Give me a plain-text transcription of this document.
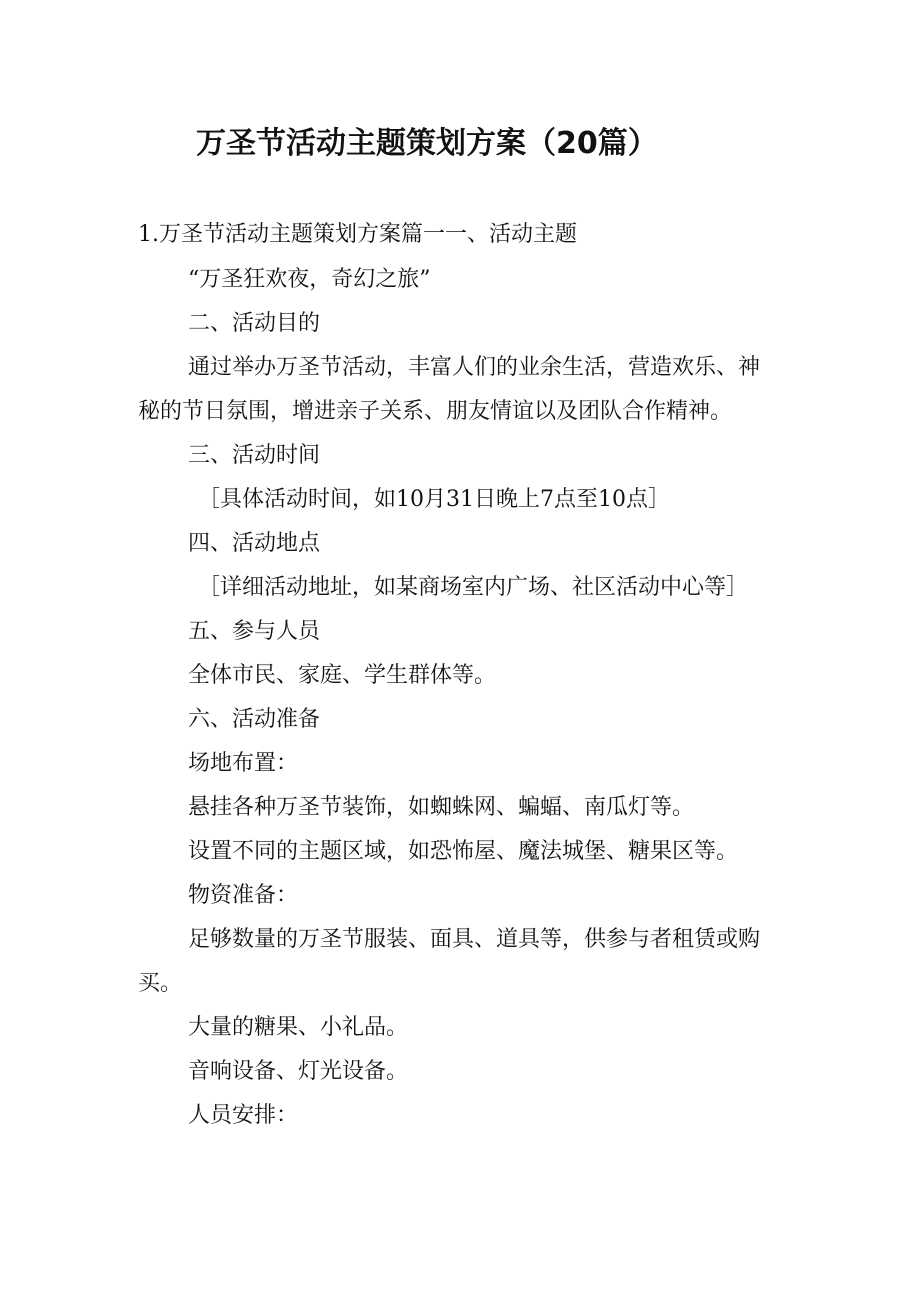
万圣节活动主题策划方案（20篇）

1.万圣节活动主题策划方案篇一一、活动主题

“万圣狂欢夜，奇幻之旅”

二、活动目的

通过举办万圣节活动，丰富人们的业余生活，营造欢乐、神

秘的节日氛围，增进亲子关系、朋友情谊以及团队合作精神。

三、活动时间

［具体活动时间，如10月31日晚上7点至10点］

四、活动地点

［详细活动地址，如某商场室内广场、社区活动中心等］

五、参与人员

全体市民、家庭、学生群体等。

六、活动准备

场地布置：

悬挂各种万圣节装饰，如蜘蛛网、蝙蝠、南瓜灯等。

设置不同的主题区域，如恐怖屋、魔法城堡、糖果区等。

物资准备：

足够数量的万圣节服装、面具、道具等，供参与者租赁或购

买。

大量的糖果、小礼品。

音响设备、灯光设备。

人员安排：
